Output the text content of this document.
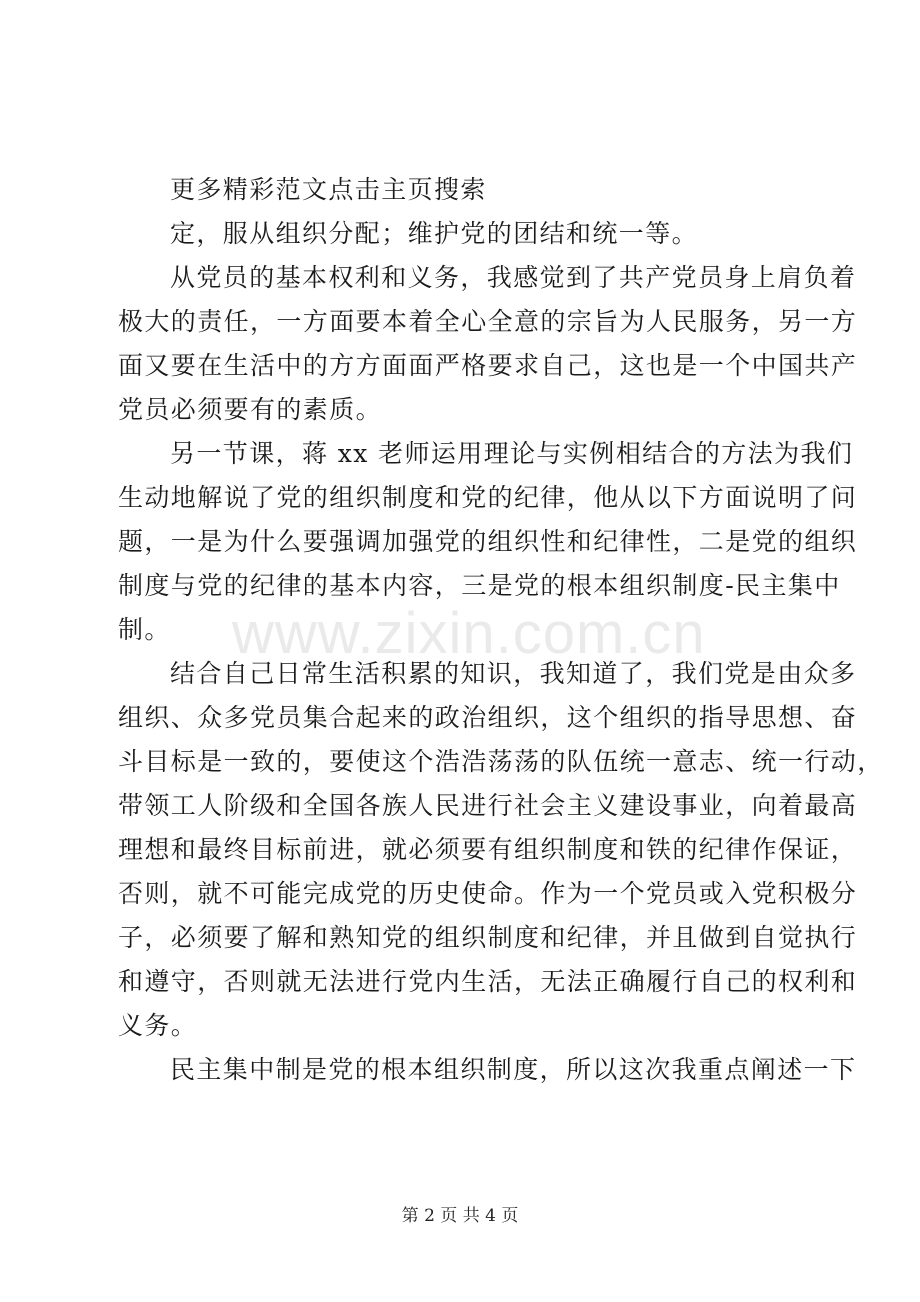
更多精彩范文点击主页搜索

定，服从组织分配；维护党的团结和统一等。

从党员的基本权利和义务，我感觉到了共产党员身上肩负着
极大的责任，一方面要本着全心全意的宗旨为人民服务，另一方
面又要在生活中的方方面面严格要求自己，这也是一个中国共产
党员必须要有的素质。

另一节课，蒋 xx 老师运用理论与实例相结合的方法为我们
生动地解说了党的组织制度和党的纪律，他从以下方面说明了问
题，一是为什么要强调加强党的组织性和纪律性，二是党的组织
制度与党的纪律的基本内容，三是党的根本组织制度-民主集中
制。

结合自己日常生活积累的知识，我知道了，我们党是由众多
组织、众多党员集合起来的政治组织，这个组织的指导思想、奋
斗目标是一致的，要使这个浩浩荡荡的队伍统一意志、统一行动，
带领工人阶级和全国各族人民进行社会主义建设事业，向着最高
理想和最终目标前进，就必须要有组织制度和铁的纪律作保证，
否则，就不可能完成党的历史使命。作为一个党员或入党积极分
子，必须要了解和熟知党的组织制度和纪律，并且做到自觉执行
和遵守，否则就无法进行党内生活，无法正确履行自己的权利和
义务。

民主集中制是党的根本组织制度，所以这次我重点阐述一下

www.zixin.com.cn
第 2 页 共 4 页
